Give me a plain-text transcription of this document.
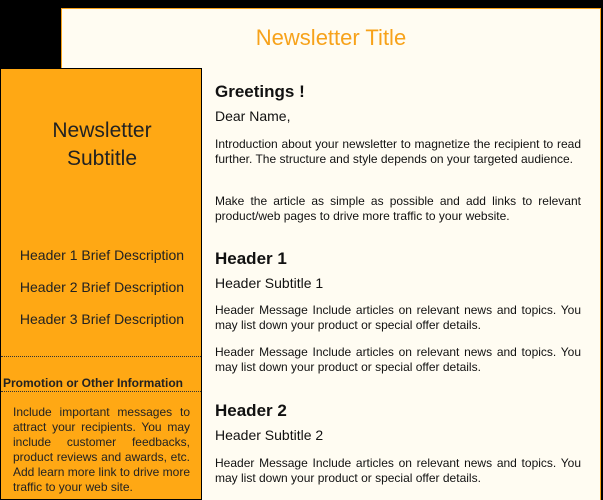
Newsletter Title
Newsletter
Subtitle
Header 1 Brief Description
Header 2 Brief Description
Header 3 Brief Description
Promotion or Other Information
Include important messages to attract your recipients. You may include customer feedbacks, product reviews and awards, etc. Add learn more link to drive more traffic to your web site.
Greetings !
Dear Name,
Introduction about your newsletter to magnetize the recipient to read further. The structure and style depends on your targeted audience.
Make the article as simple as possible and add links to relevant product/web pages to drive more traffic to your website.
Header 1
Header Subtitle 1
Header Message Include articles on relevant news and topics. You may list down your product or special offer details.
Header Message Include articles on relevant news and topics. You may list down your product or special offer details.
Header 2
Header Subtitle 2
Header Message Include articles on relevant news and topics. You may list down your product or special offer details.
